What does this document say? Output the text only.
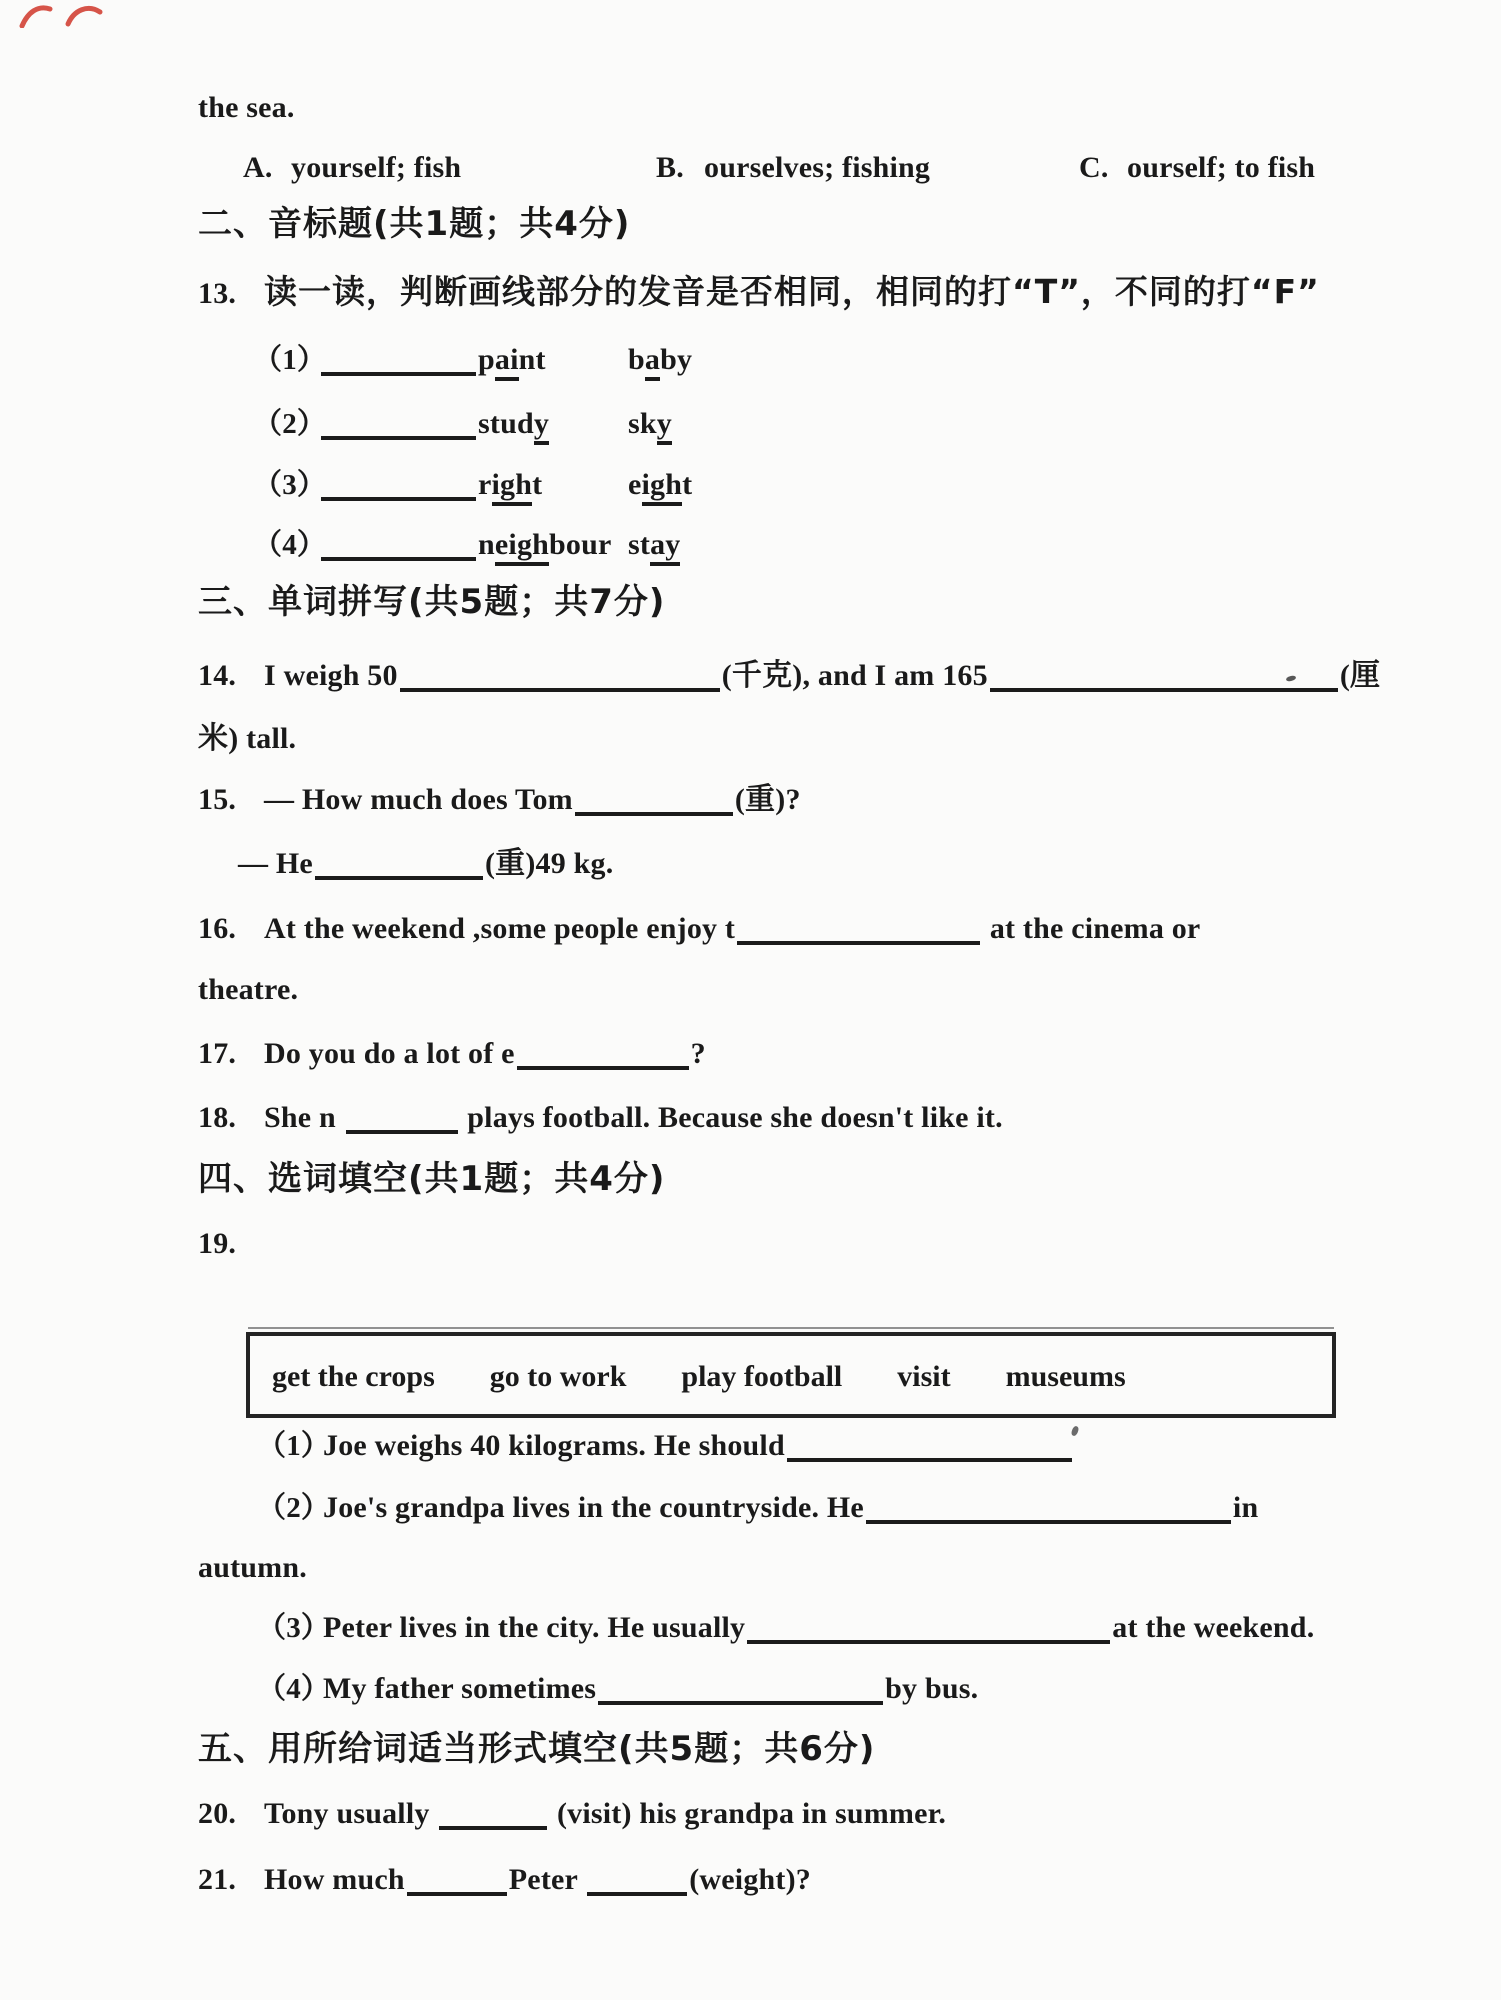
the sea.
A. yourself; fish	B. ourselves; fishing	C. ourself; to fish
二、音标题(共1题；共4分)
13. 读一读，判断画线部分的发音是否相同，相同的打“T”，不同的打“F”
（1）	paint	baby
（2）	study	sky
（3）	right	eight
（4）	neighbour stay
三、单词拼写(共5题；共7分)
14. I weigh 50	(千克), and I am 165	(厘
米) tall.
15. — How much does Tom	(重)?
— He	(重)49 kg.
16. At the weekend ,some people enjoy t	at the cinema or
theatre.
17. Do you do a lot of e	?
18. She n	plays football. Because she doesn't like it.
四、选词填空(共1题；共4分)
19.
get the crops go to work play football visit museums
（1）Joe weighs 40 kilograms. He should
（2）Joe's grandpa lives in the countryside. He	in
autumn.
（3）Peter lives in the city. He usually	at the weekend.
（4）My father sometimes	by bus.
五、用所给词适当形式填空(共5题；共6分)
20. Tony usually	(visit) his grandpa in summer.
21. How much	Peter	(weight)?
